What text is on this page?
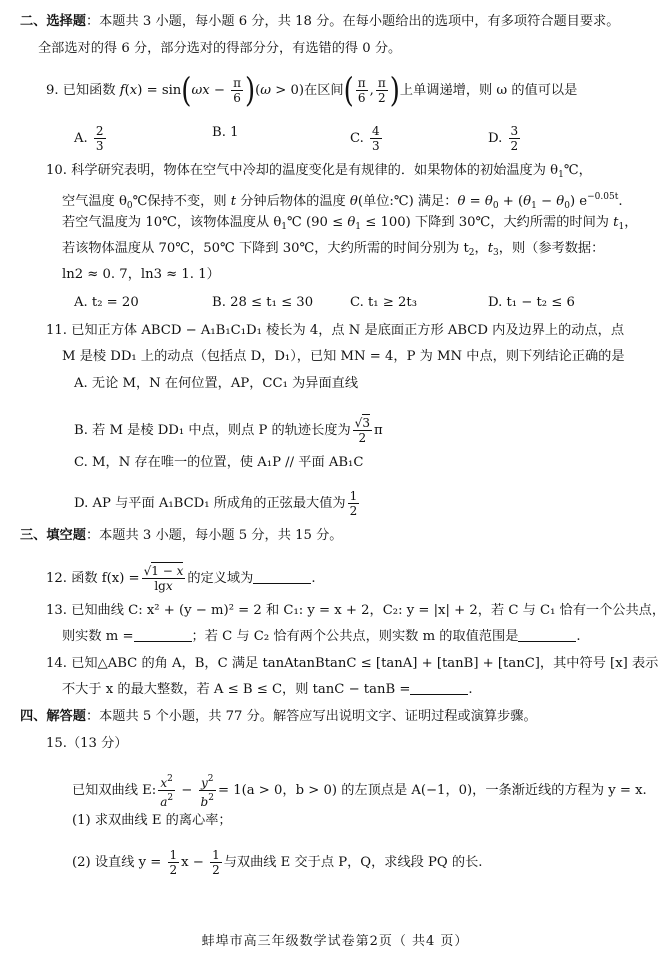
二、选择题：本题共 3 小题，每小题 6 分，共 18 分。在每小题给出的选项中，有多项符合题目要求。
全部选对的得 6 分，部分选对的得部分分，有选错的得 0 分。
9. 已知函数 $f(x) = \sin(\omega x - \frac{\pi}{6} )(\omega > 0)$在区间( $\frac{\pi}{6}$ , $\frac{\pi}{2}$ )上单调递增，则 ω 的值可以是
A. $\frac{2}{3}$	B. 1	C. $\frac{4}{3}$	D. $\frac{3}{2}$
10. 科学研究表明，物体在空气中冷却的温度变化是有规律的．如果物体的初始温度为 $\theta_1℃$，
空气温度 $\theta_0℃$保持不变，则 t 分钟后物体的温度 θ(单位:℃) 满足：$\theta = \theta_0 + (\theta_1 - \theta_0)$ $e^{-0.05t}$.
若空气温度为 10℃，该物体温度从 $\theta_1℃$ $(90 \le \theta_1 \le 100)$ 下降到 30℃，大约所需的时间为 $t_1$，
若该物体温度从 70℃，50℃ 下降到 30℃，大约所需的时间分别为 $t_2$，$t_3$，则（参考数据：
ln2 ≈ 0. 7，ln3 ≈ 1. 1）
A. t₂ = 20	B. 28 ≤ t₁ ≤ 30	C. t₁ ≥ 2t₃	D. t₁ − t₂ ≤ 6
11. 已知正方体 ABCD − A₁B₁C₁D₁ 棱长为 4，点 N 是底面正方形 ABCD 内及边界上的动点，点
M 是棱 DD₁ 上的动点（包括点 D，D₁），已知 MN = 4，P 为 MN 中点，则下列结论正确的是
A. 无论 M，N 在何位置，AP，CC₁ 为异面直线
B. 若 M 是棱 DD₁ 中点，则点 P 的轨迹长度为 $\frac{√3}{2}$ π
C. M，N 存在唯一的位置，使 A₁P // 平面 AB₁C
D. AP 与平面 A₁BCD₁ 所成角的正弦最大值为 $\frac{1}{2}$
三、填空题：本题共 3 小题，每小题 5 分，共 15 分。
12. 函数 $f(x) = \frac{√1 - x}{\lg x}$ 的定义域为	.
13. 已知曲线 C: x² + (y − m)² = 2 和 C₁: y = x + 2，C₂: y = |x| + 2，若 C 与 C₁ 恰有一个公共点，
则实数 m =	；若 C 与 C₂ 恰有两个公共点，则实数 m 的取值范围是	.
14. 已知△ABC 的角 A，B，C 满足 tanAtanBtanC ≤ [tanA] + [tanB] + [tanC]，其中符号 [x] 表示
不大于 x 的最大整数，若 A ≤ B ≤ C，则 tanC − tanB =	.
四、解答题：本题共 5 个小题，共 77 分。解答应写出说明文字、证明过程或演算步骤。
15.（13 分）
已知双曲线 E: $\frac{x^2}{a^2} - \frac{y^2}{b^2} = 1(a > 0$，b > 0) 的左顶点是 A(−1，0)，一条渐近线的方程为 y = x.
(1) 求双曲线 E 的离心率；
(2) 设直线 $y = \frac{1}{2}$ $x - \frac{1}{2}$ 与双曲线 E 交于点 P，Q，求线段 PQ 的长.
蚌埠市高三年级数学试卷第2页（ 共4 页）
